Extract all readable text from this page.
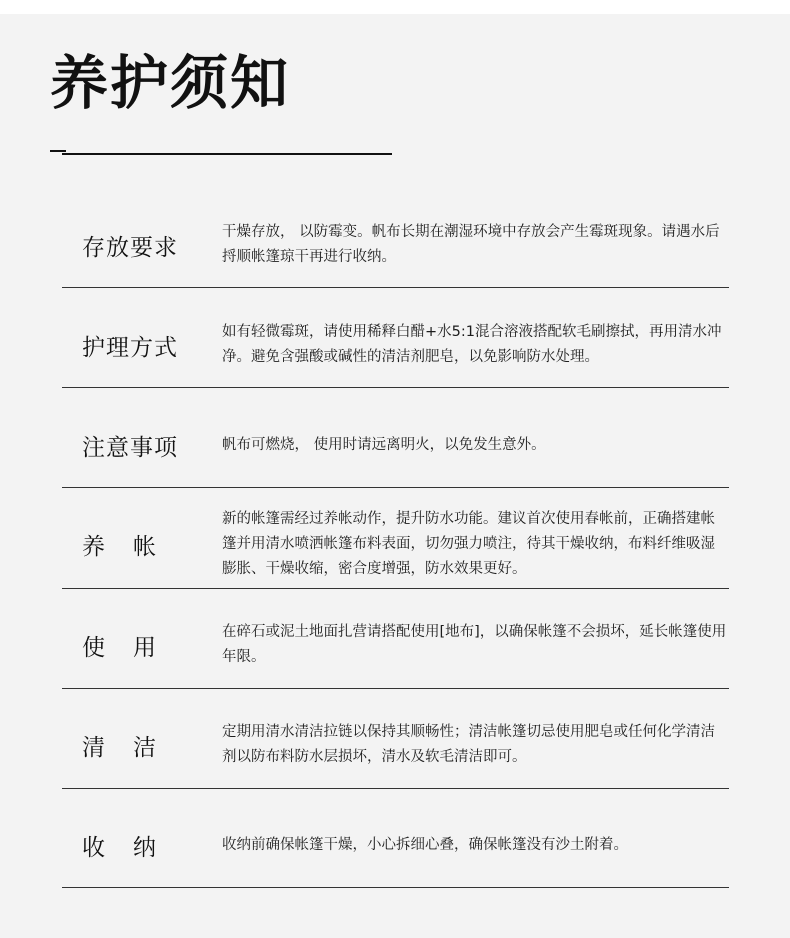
养护须知
存放要求
干燥存放， 以防霉变。帆布长期在潮湿环境中存放会产生霉斑现象。请遇水后捋顺帐篷琼干再进行收纳。
护理方式
如有轻微霉斑，请使用稀释白醋+水5:1混合溶液搭配软毛刷擦拭，再用清水冲净。避免含强酸或碱性的清洁剂肥皂，以免影响防水处理。
注意事项	帆布可燃烧， 使用时请远离明火，以免发生意外。
养帐
新的帐篷需经过养帐动作，提升防水功能。建议首次使用春帐前，正确搭建帐篷并用清水喷洒帐篷布料表面，切勿强力喷注，待其干燥收纳，布料纤维吸湿膨胀、干燥收缩，密合度增强，防水效果更好。
使用
在碎石或泥土地面扎营请搭配使用[地布]，以确保帐篷不会损坏，延长帐篷使用年限。
清洁
定期用清水清洁拉链以保持其顺畅性；清洁帐篷切忌使用肥皂或任何化学清洁剂以防布料防水层损坏，清水及软毛清洁即可。
收纳	收纳前确保帐篷干燥，小心拆细心叠，确保帐篷没有沙土附着。
